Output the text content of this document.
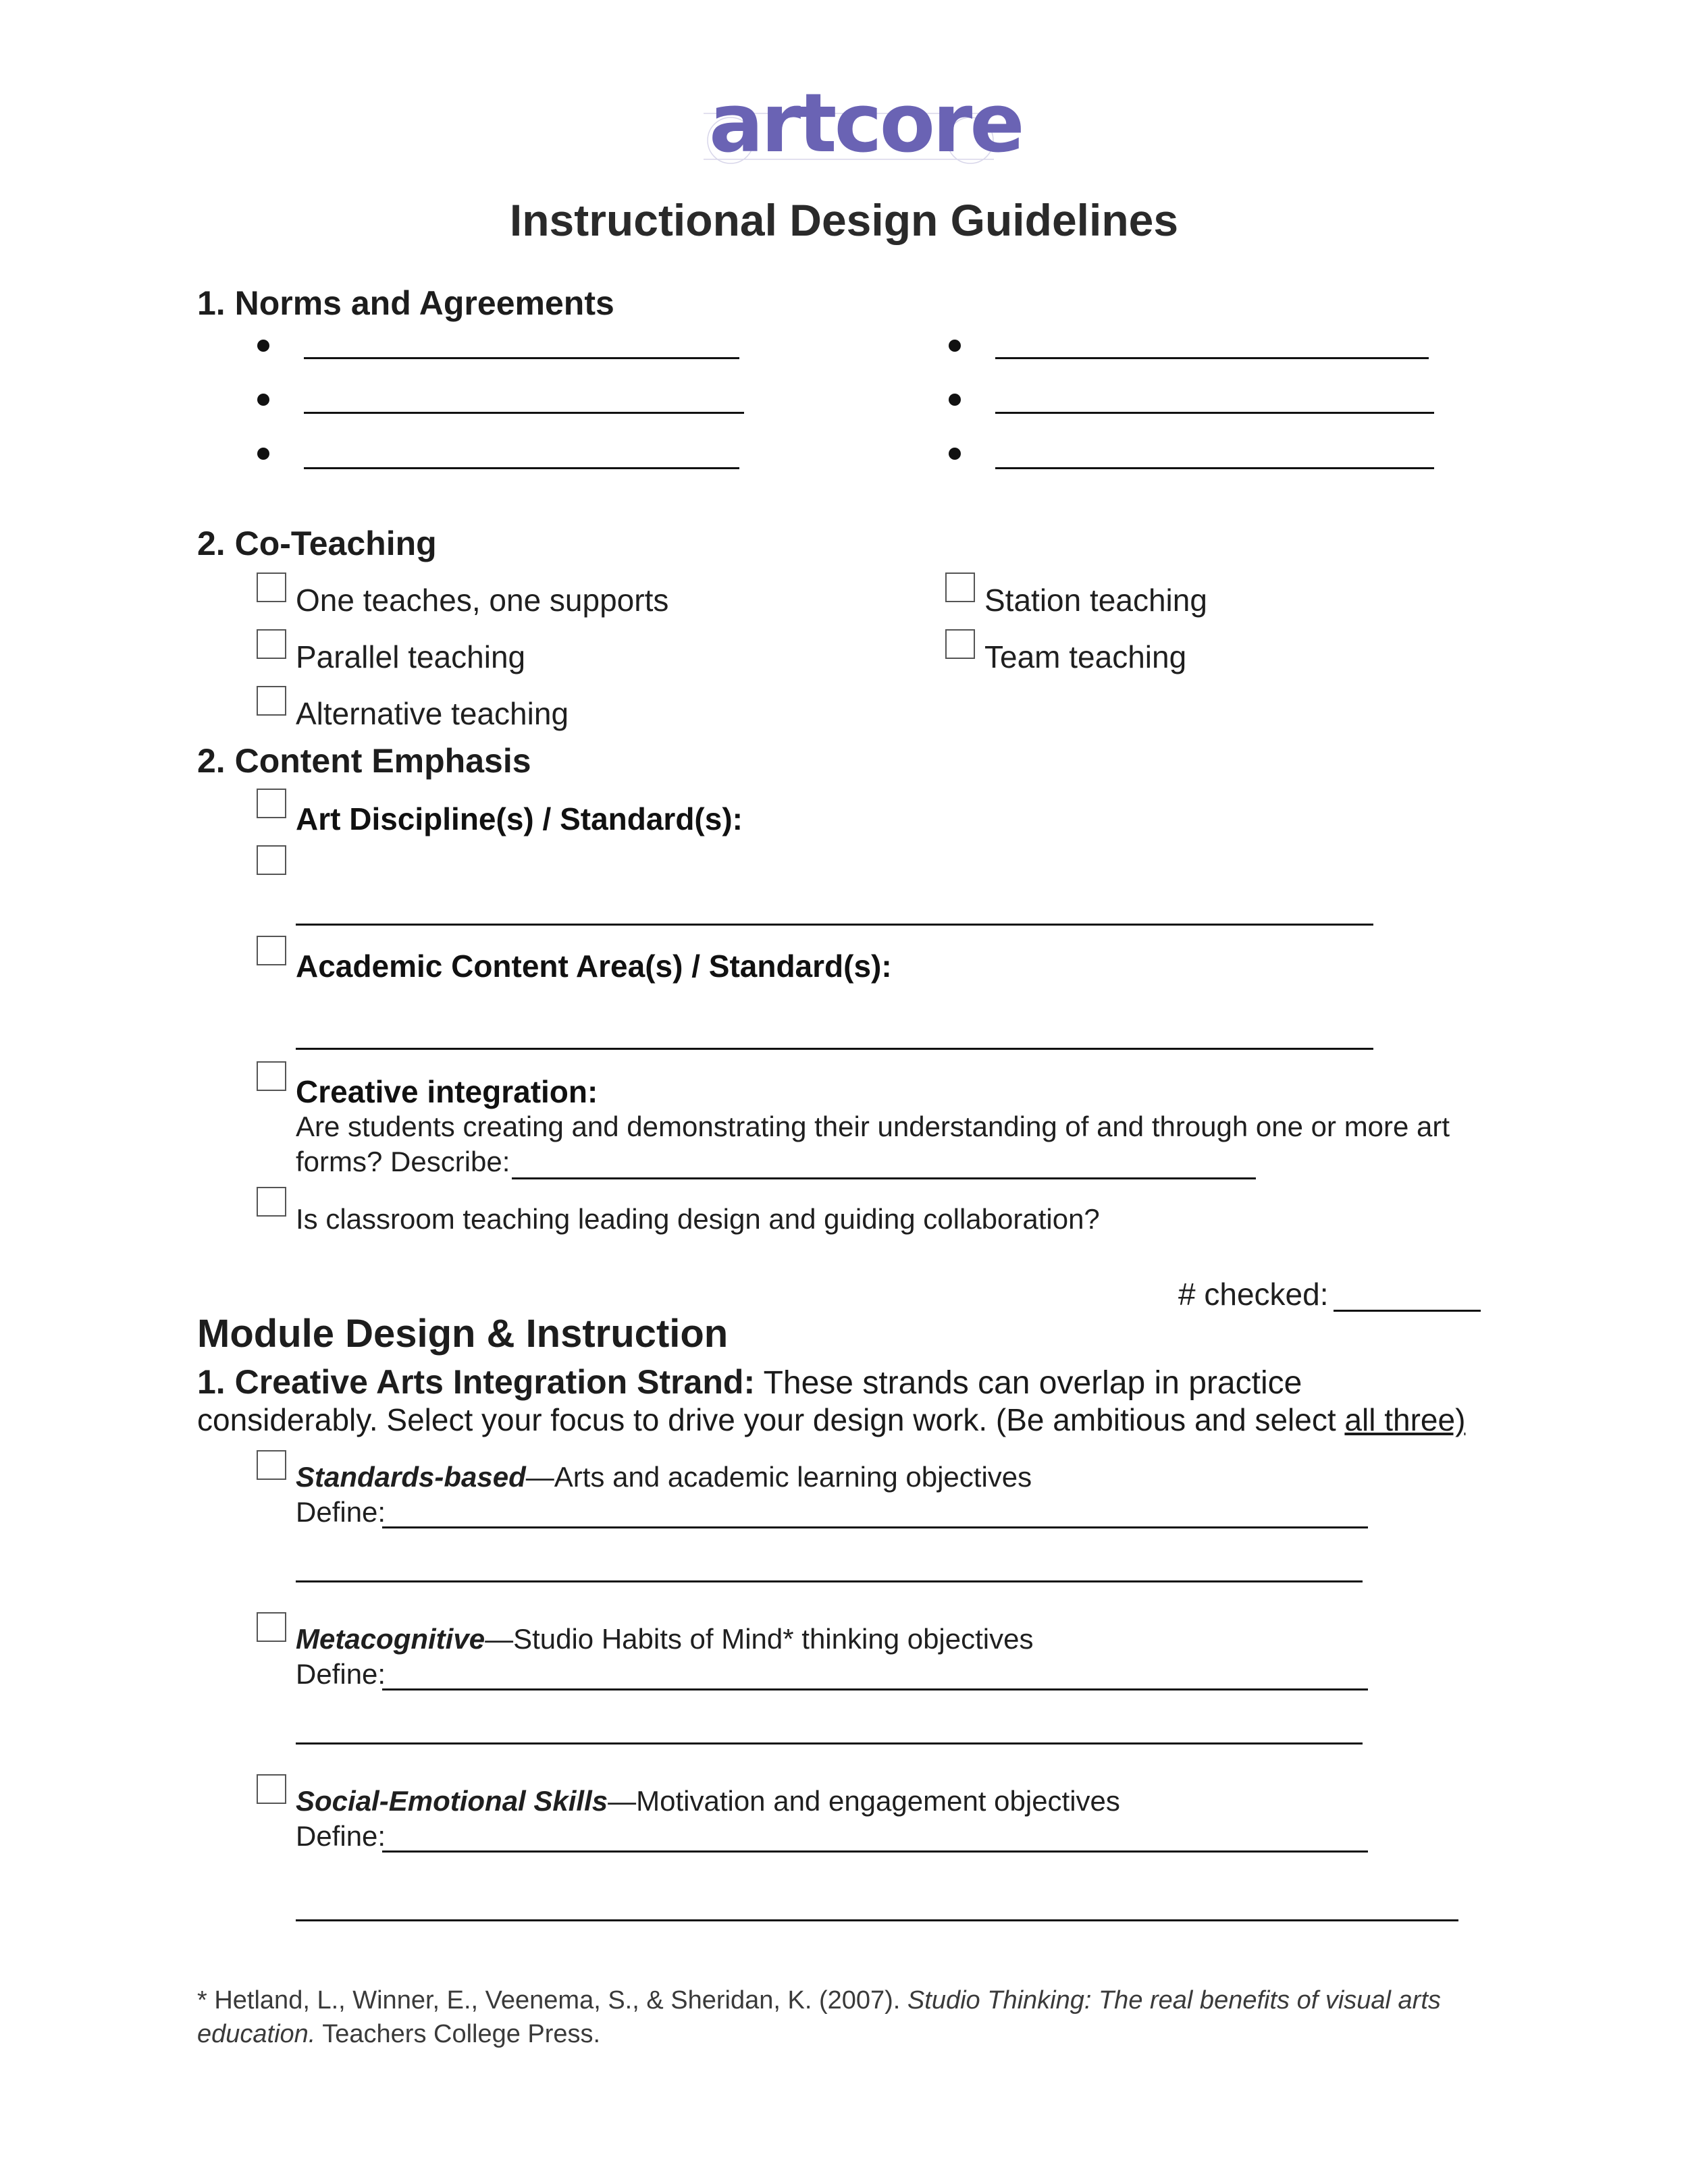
artcore
Instructional Design Guidelines
1. Norms and Agreements
2. Co-Teaching
One teaches, one supports
Parallel teaching
Alternative teaching
Station teaching
Team teaching
2. Content Emphasis
Art Discipline(s) / Standard(s):
Academic Content Area(s) / Standard(s):
Creative integration:
Are students creating and demonstrating their understanding of and through one or more art
forms? Describe:
Is classroom teaching leading design and guiding collaboration?
# checked:
Module Design & Instruction
1. Creative Arts Integration Strand: These strands can overlap in practice
considerably. Select your focus to drive your design work. (Be ambitious and select all three)
Standards-based—Arts and academic learning objectives
Define:
Metacognitive—Studio Habits of Mind* thinking objectives
Define:
Social-Emotional Skills—Motivation and engagement objectives
Define:
* Hetland, L., Winner, E., Veenema, S., & Sheridan, K. (2007). Studio Thinking: The real benefits of visual arts
education. Teachers College Press.
